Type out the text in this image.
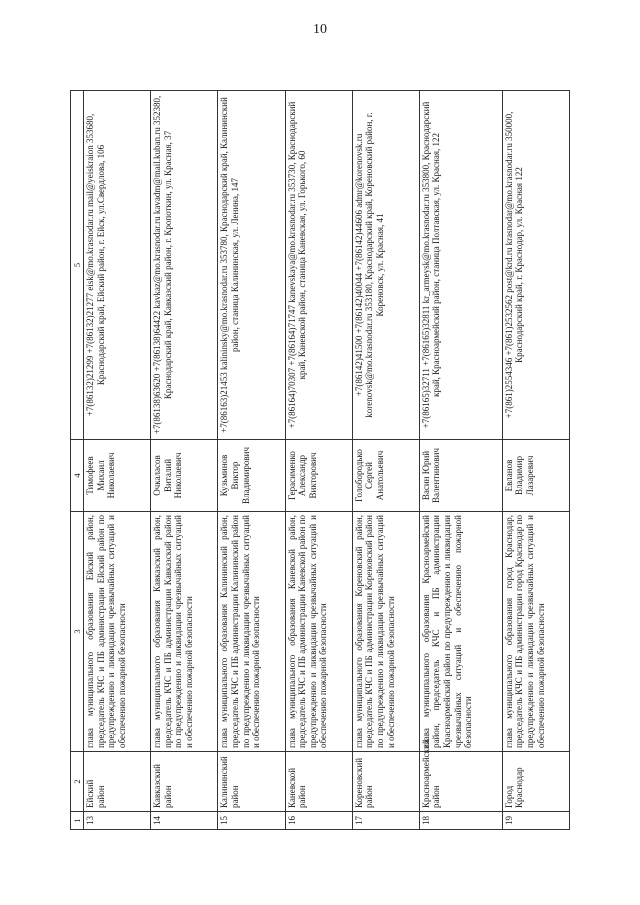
10
1	2	3	4	5
13	Ейский район	глава муниципального образования Ейский район, председатель КЧС и ПБ администрации Ейский район по предупреждению и ликвидации чрезвычайных ситуаций и обеспечению пожарной безопасности	Тимофеев Михаил Николаевич	+7(86132)21299 +7(86132)21277 eisk@mo.krasnodar.ru mail@yeiskraion 353680, Краснодарский край, Ейский район, г. Ейск, ул.Свердлова, 106
14	Кавказский район	глава муниципального образования Кавказский район, председатель КЧС и ПБ администрации Кавказский район по предупреждению и ликвидации чрезвычайных ситуаций и обеспечению пожарной безопасности	Очкаласов Виталий Николаевич	+7(86138)63620 +7(86138)64422 kavkaz@mo.krasnodar.ru kavadm@mail.kuban.ru 352380, Краснодарский край, Кавказский район, г. Кропоткин, ул. Красная, 37
15	Калининский район	глава муниципального образования Калининский район, председатель КЧС и ПБ администрации Калининский район по предупреждению и ликвидации чрезвычайных ситуаций и обеспечению пожарной безопасности	Кузьминов Виктор Владимирович	+7(86163)21453 kalininsky@mo.krasnodar.ru 353780, Краснодарский край, Калининский район, станица Калининская, ул. Ленина, 147
16	Каневской район	глава муниципального образования Каневской район, председатель КЧС и ПБ администрации Каневской район по предупреждению и ликвидации чрезвычайных ситуаций и обеспечению пожарной безопасности	Герасименко Александр Викторович	+7(86164)70307 +7(86164)71747 kanevskaya@mo.krasnodar.ru 353730, Краснодарский край, Каневской район, станица Каневская, ул. Горького, 60
17	Кореновский район	глава муниципального образования Кореновский район, председатель КЧС и ПБ администрации Кореновский район по предупреждению и ликвидации чрезвычайных ситуаций и обеспечению пожарной безопасности	Голобородько Сергей Анатольевич	+7(86142)41500 +7(86142)40044 +7(86142)44606 admr@korenovsk.ru korenovsk@mo.krasnodar.ru 353180, Краснодарский край, Кореновский район, г. Кореновск, ул. Красная, 41
18	Красноармейский район	глава муниципального образования Красноармейский район, председатель КЧС и ПБ администрации Красноармейский район по предупреждению и ликвидации чрезвычайных ситуаций и обеспечению пожарной безопасности	Васин Юрий Валентинович	+7(86165)32711 +7(86165)32811 kr_armeysk@mo.krasnodar.ru 353800, Краснодарский край, Красноармейский район, станица Полтавская, ул. Красная, 122
19	Город Краснодар	глава муниципального образования город Краснодар, председатель КЧС и ПБ администрации город Краснодар по предупреждению и ликвидации чрезвычайных ситуаций и обеспечению пожарной безопасности	Евланов Владимир Лазаревич	+7(861)2554346 +7(861)2532562 post@krd.ru krasnodar@mo.krasnodar.ru 350000, Краснодарский край, г. Краснодар, ул. Красная 122
